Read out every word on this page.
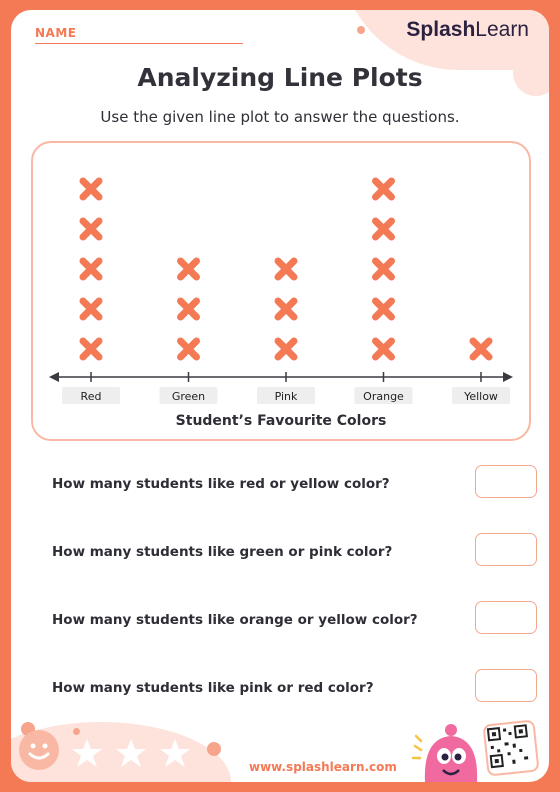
NAME	SplashLearn
Analyzing Line Plots
Use the given line plot to answer the questions.
Red	Green	Pink	Orange	Yellow
Student’s Favourite Colors
How many students like red or yellow color?
How many students like green or pink color?
How many students like orange or yellow color?
How many students like pink or red color?
www.splashlearn.com
